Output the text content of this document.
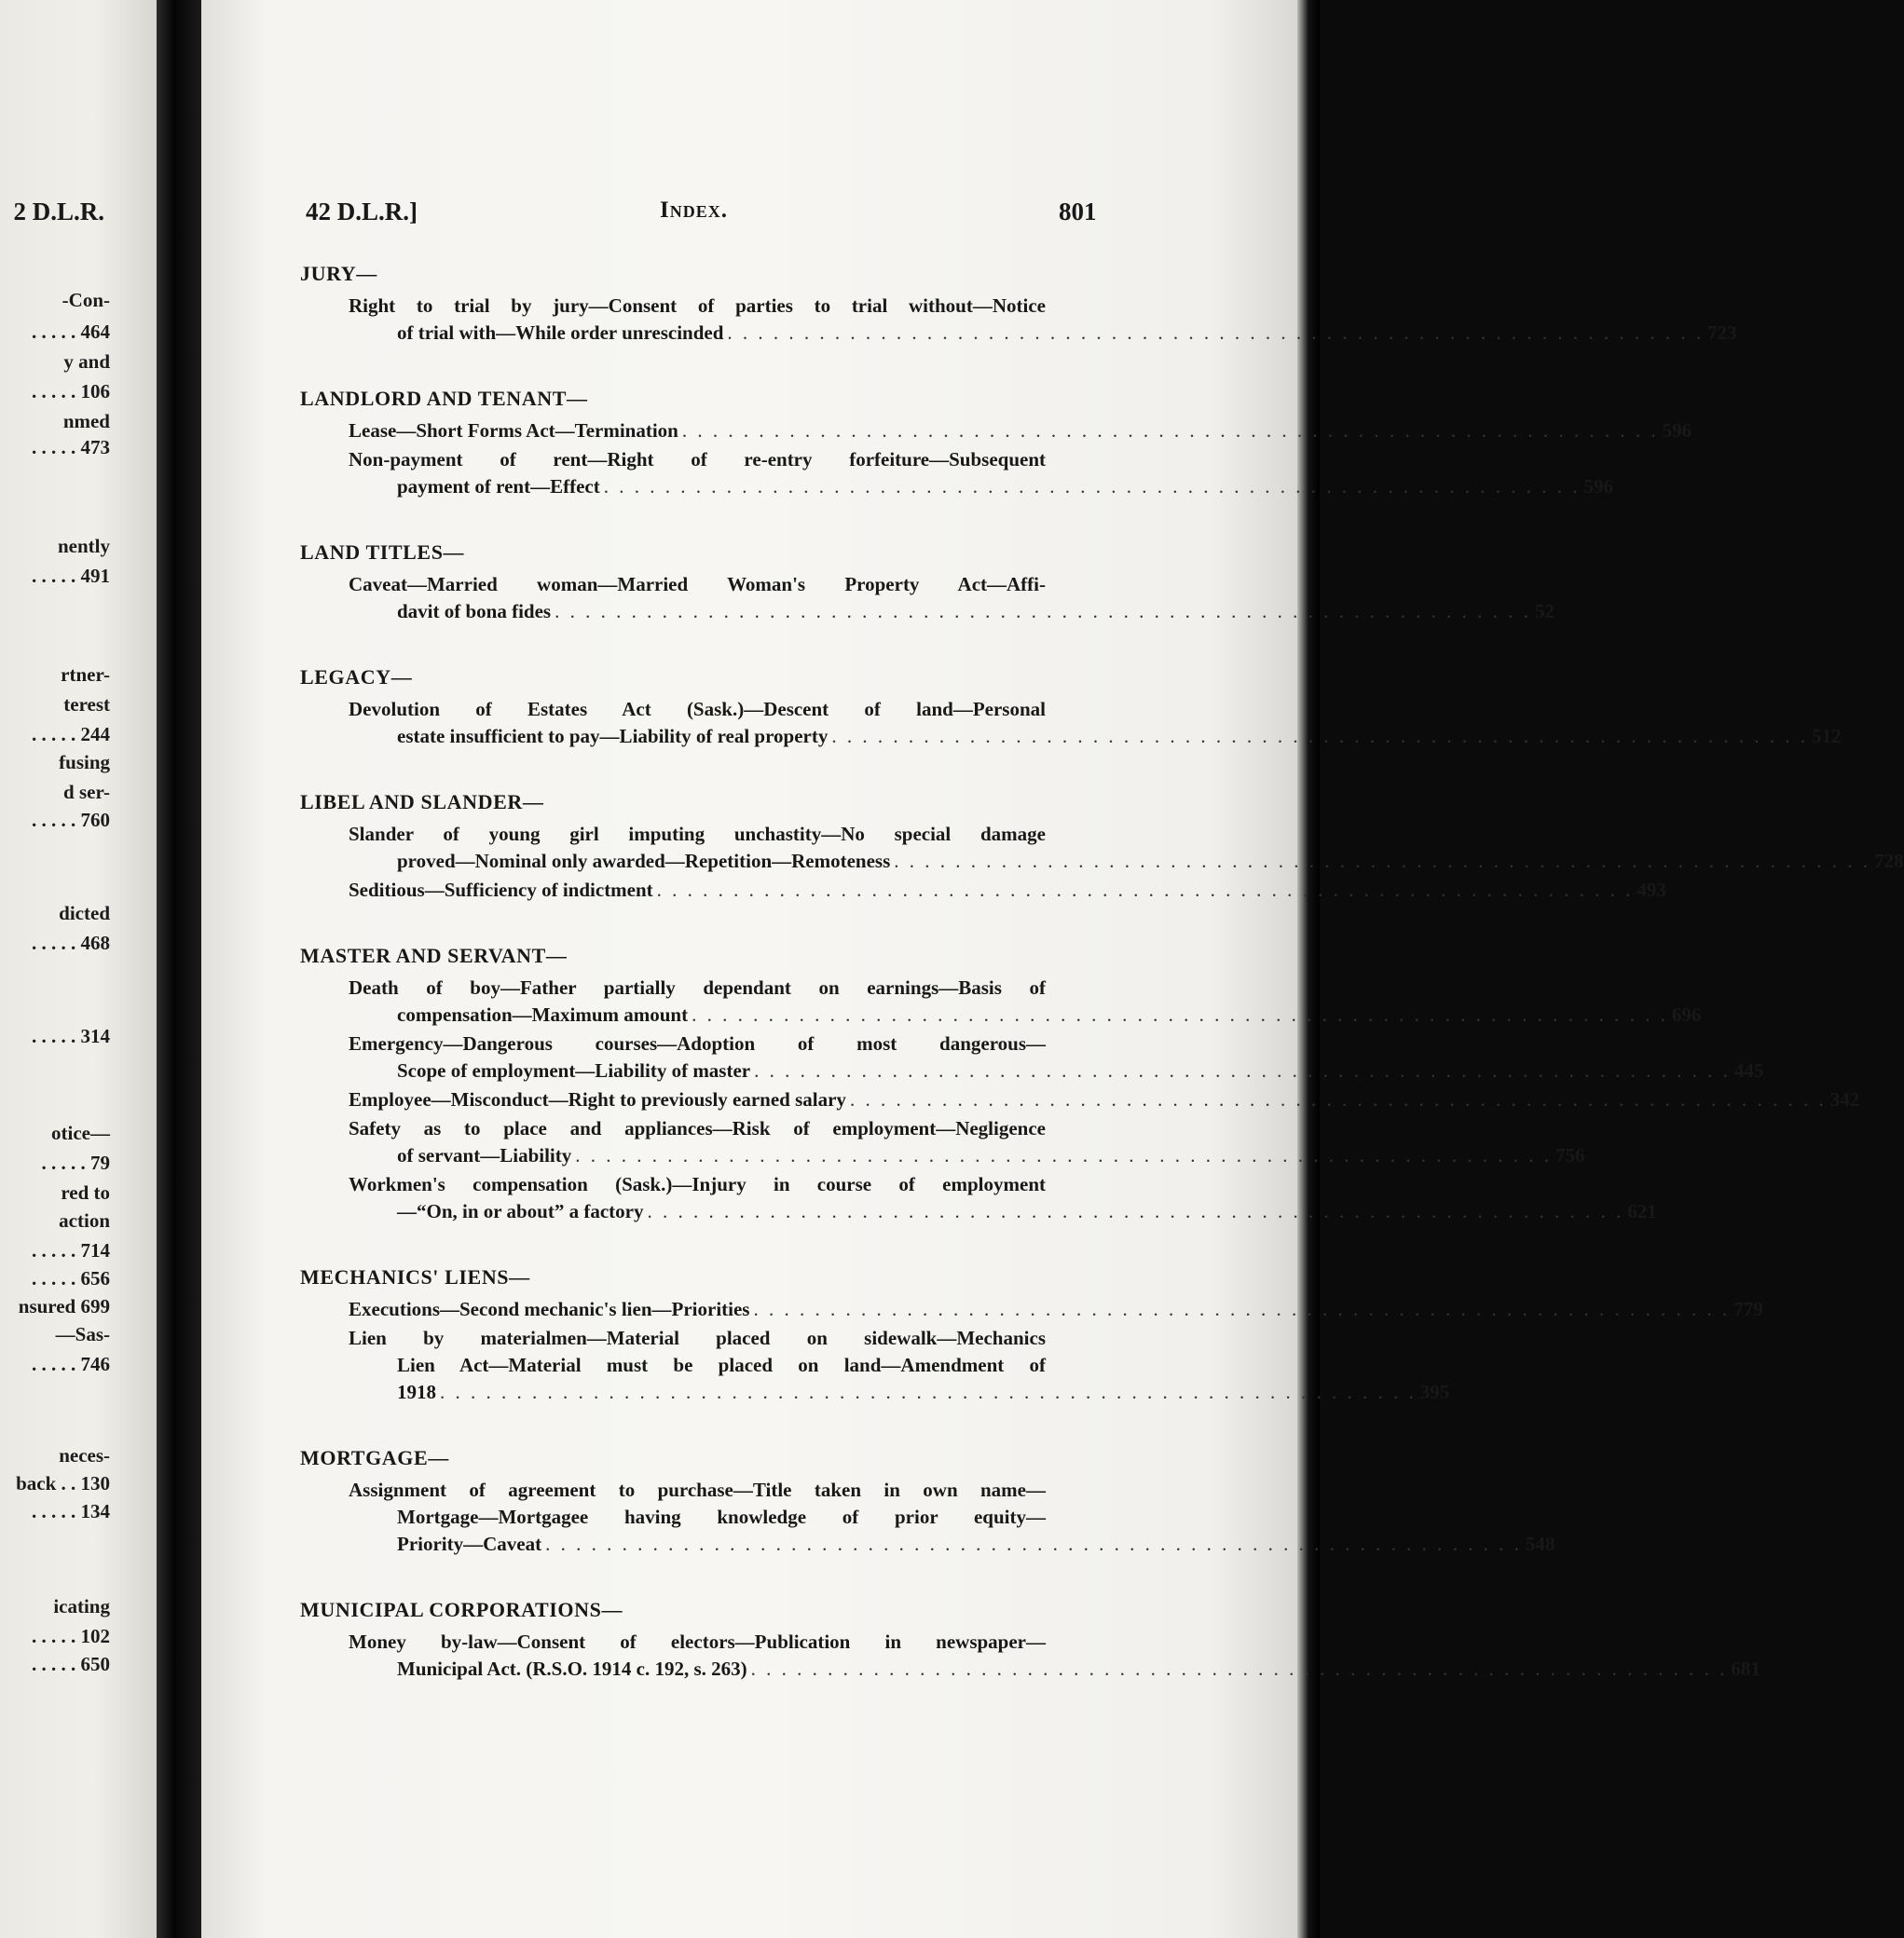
2 D.L.R.
-Con-
. . . . . 464
y and
. . . . . 106
nmed
. . . . . 473
nently
. . . . . 491
rtner-
terest
. . . . . 244
fusing
d ser-
. . . . . 760
dicted
. . . . . 468
. . . . . 314
otice—
. . . . . 79
red to
action
. . . . . 714
. . . . . 656
nsured 699
—Sas-
. . . . . 746
neces-
back . . 130
. . . . . 134
icating
. . . . . 102
. . . . . 650
42 D.L.R.]	Index.	801
JURY—
Right to trial by jury—Consent of parties to trial without—Notice
of trial with—While order unrescinded . . . . . . . . . . . . . . . . . . . . . . . . . . . . . . . . . . . . . . . . . . . . . . . . . . . . . . . . . . . . . . . . 723
LANDLORD AND TENANT—
Lease—Short Forms Act—Termination . . . . . . . . . . . . . . . . . . . . . . . . . . . . . . . . . . . . . . . . . . . . . . . . . . . . . . . . . . . . . . . . 596
Non-payment of rent—Right of re-entry forfeiture—Subsequent
payment of rent—Effect . . . . . . . . . . . . . . . . . . . . . . . . . . . . . . . . . . . . . . . . . . . . . . . . . . . . . . . . . . . . . . . . 596
LAND TITLES—
Caveat—Married woman—Married Woman's Property Act—Affi-
davit of bona fides . . . . . . . . . . . . . . . . . . . . . . . . . . . . . . . . . . . . . . . . . . . . . . . . . . . . . . . . . . . . . . . . 52
LEGACY—
Devolution of Estates Act (Sask.)—Descent of land—Personal
estate insufficient to pay—Liability of real property . . . . . . . . . . . . . . . . . . . . . . . . . . . . . . . . . . . . . . . . . . . . . . . . . . . . . . . . . . . . . . . . 512
LIBEL AND SLANDER—
Slander of young girl imputing unchastity—No special damage
proved—Nominal only awarded—Repetition—Remoteness . . . . . . . . . . . . . . . . . . . . . . . . . . . . . . . . . . . . . . . . . . . . . . . . . . . . . . . . . . . . . . . . 728
Seditious—Sufficiency of indictment . . . . . . . . . . . . . . . . . . . . . . . . . . . . . . . . . . . . . . . . . . . . . . . . . . . . . . . . . . . . . . . . 493
MASTER AND SERVANT—
Death of boy—Father partially dependant on earnings—Basis of
compensation—Maximum amount . . . . . . . . . . . . . . . . . . . . . . . . . . . . . . . . . . . . . . . . . . . . . . . . . . . . . . . . . . . . . . . . 696
Emergency—Dangerous courses—Adoption of most dangerous—
Scope of employment—Liability of master . . . . . . . . . . . . . . . . . . . . . . . . . . . . . . . . . . . . . . . . . . . . . . . . . . . . . . . . . . . . . . . . 445
Employee—Misconduct—Right to previously earned salary . . . . . . . . . . . . . . . . . . . . . . . . . . . . . . . . . . . . . . . . . . . . . . . . . . . . . . . . . . . . . . . . 342
Safety as to place and appliances—Risk of employment—Negligence
of servant—Liability . . . . . . . . . . . . . . . . . . . . . . . . . . . . . . . . . . . . . . . . . . . . . . . . . . . . . . . . . . . . . . . . 756
Workmen's compensation (Sask.)—Injury in course of employment
—“On, in or about” a factory . . . . . . . . . . . . . . . . . . . . . . . . . . . . . . . . . . . . . . . . . . . . . . . . . . . . . . . . . . . . . . . . 621
MECHANICS' LIENS—
Executions—Second mechanic's lien—Priorities . . . . . . . . . . . . . . . . . . . . . . . . . . . . . . . . . . . . . . . . . . . . . . . . . . . . . . . . . . . . . . . . 779
Lien by materialmen—Material placed on sidewalk—Mechanics
Lien Act—Material must be placed on land—Amendment of
1918 . . . . . . . . . . . . . . . . . . . . . . . . . . . . . . . . . . . . . . . . . . . . . . . . . . . . . . . . . . . . . . . . 395
MORTGAGE—
Assignment of agreement to purchase—Title taken in own name—
Mortgage—Mortgagee having knowledge of prior equity—
Priority—Caveat . . . . . . . . . . . . . . . . . . . . . . . . . . . . . . . . . . . . . . . . . . . . . . . . . . . . . . . . . . . . . . . . 548
MUNICIPAL CORPORATIONS—
Money by-law—Consent of electors—Publication in newspaper—
Municipal Act. (R.S.O. 1914 c. 192, s. 263) . . . . . . . . . . . . . . . . . . . . . . . . . . . . . . . . . . . . . . . . . . . . . . . . . . . . . . . . . . . . . . . . 681
